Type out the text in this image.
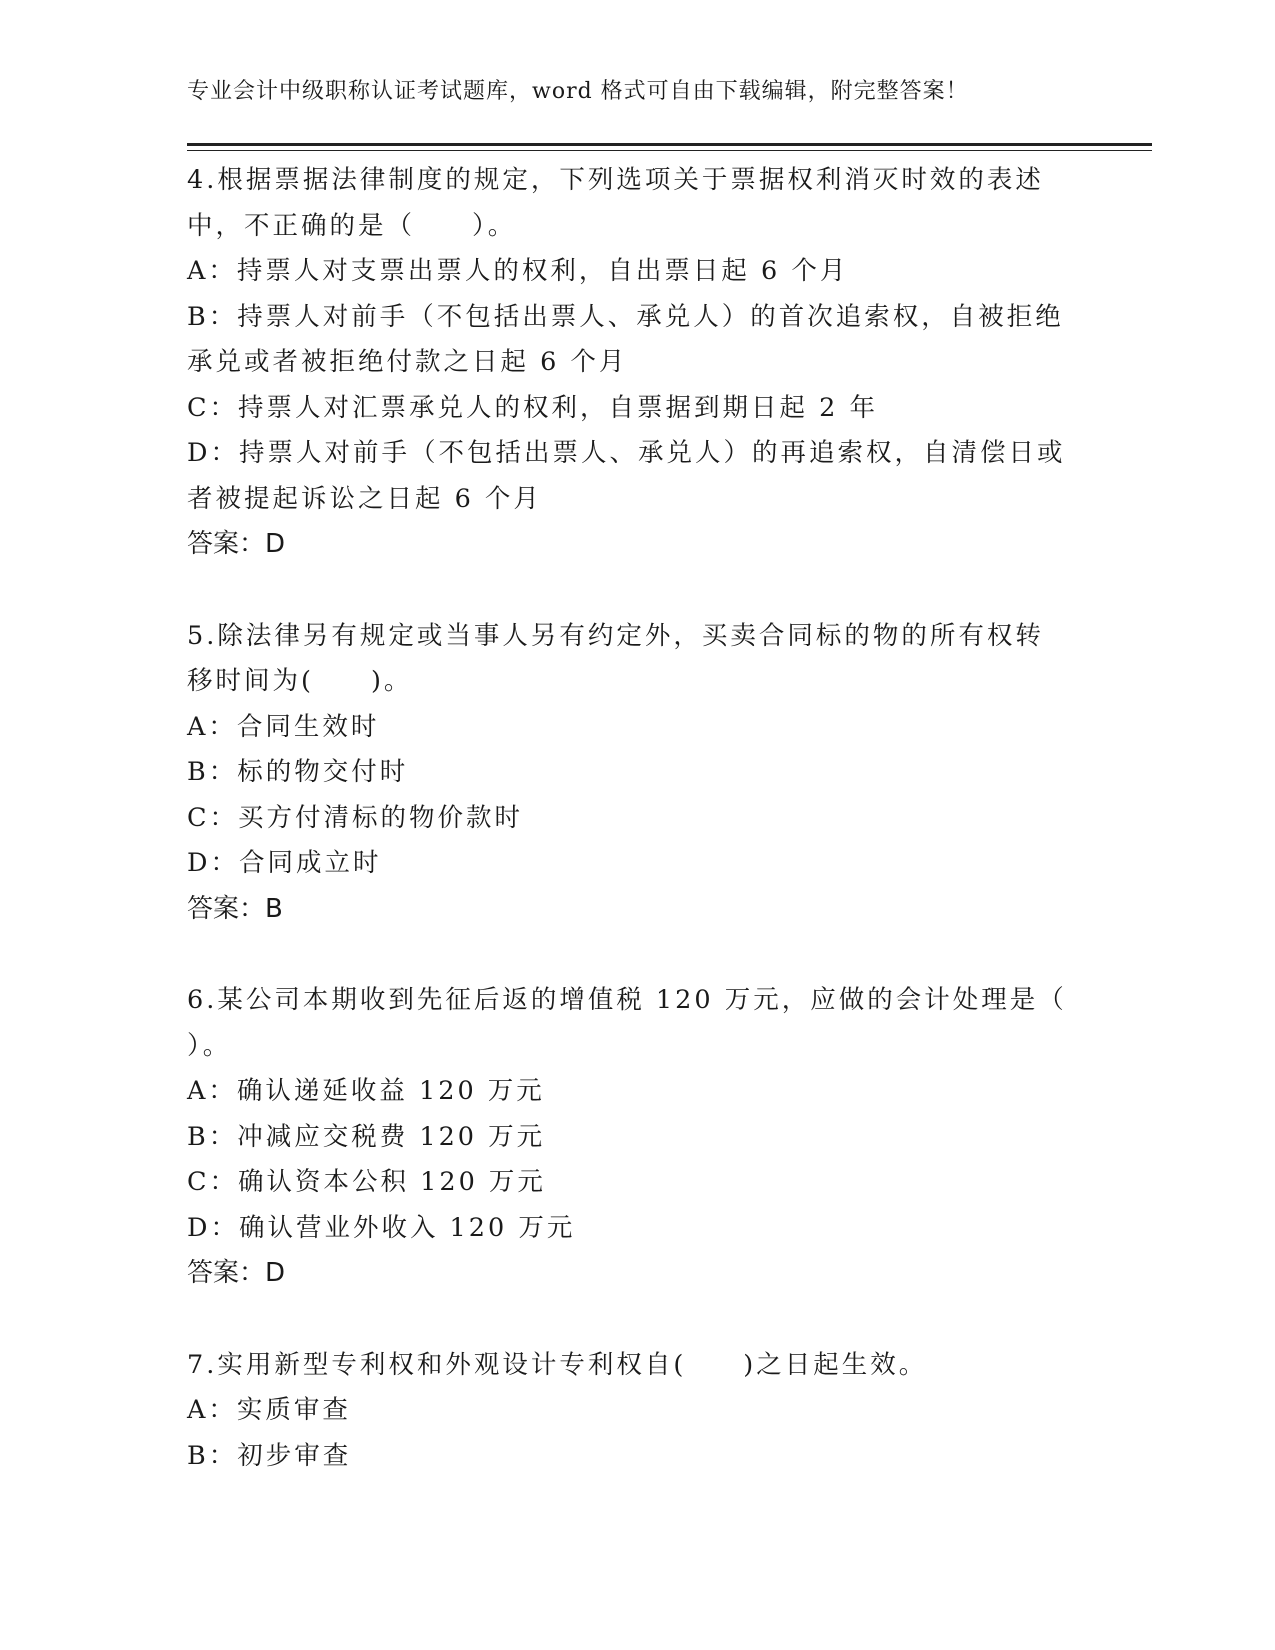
专业会计中级职称认证考试题库，word 格式可自由下载编辑，附完整答案！
4.根据票据法律制度的规定，下列选项关于票据权利消灭时效的表述
中，不正确的是（　　）。
A：持票人对支票出票人的权利，自出票日起 6 个月
B：持票人对前手（不包括出票人、承兑人）的首次追索权，自被拒绝
承兑或者被拒绝付款之日起 6 个月
C：持票人对汇票承兑人的权利，自票据到期日起 2 年
D：持票人对前手（不包括出票人、承兑人）的再追索权，自清偿日或
者被提起诉讼之日起 6 个月
答案：D
5.除法律另有规定或当事人另有约定外，买卖合同标的物的所有权转
移时间为(　　)。
A：合同生效时
B：标的物交付时
C：买方付清标的物价款时
D：合同成立时
答案：B
6.某公司本期收到先征后返的增值税 120 万元，应做的会计处理是（
）。
A：确认递延收益 120 万元
B：冲减应交税费 120 万元
C：确认资本公积 120 万元
D：确认营业外收入 120 万元
答案：D
7.实用新型专利权和外观设计专利权自(　　)之日起生效。
A：实质审查
B：初步审查
